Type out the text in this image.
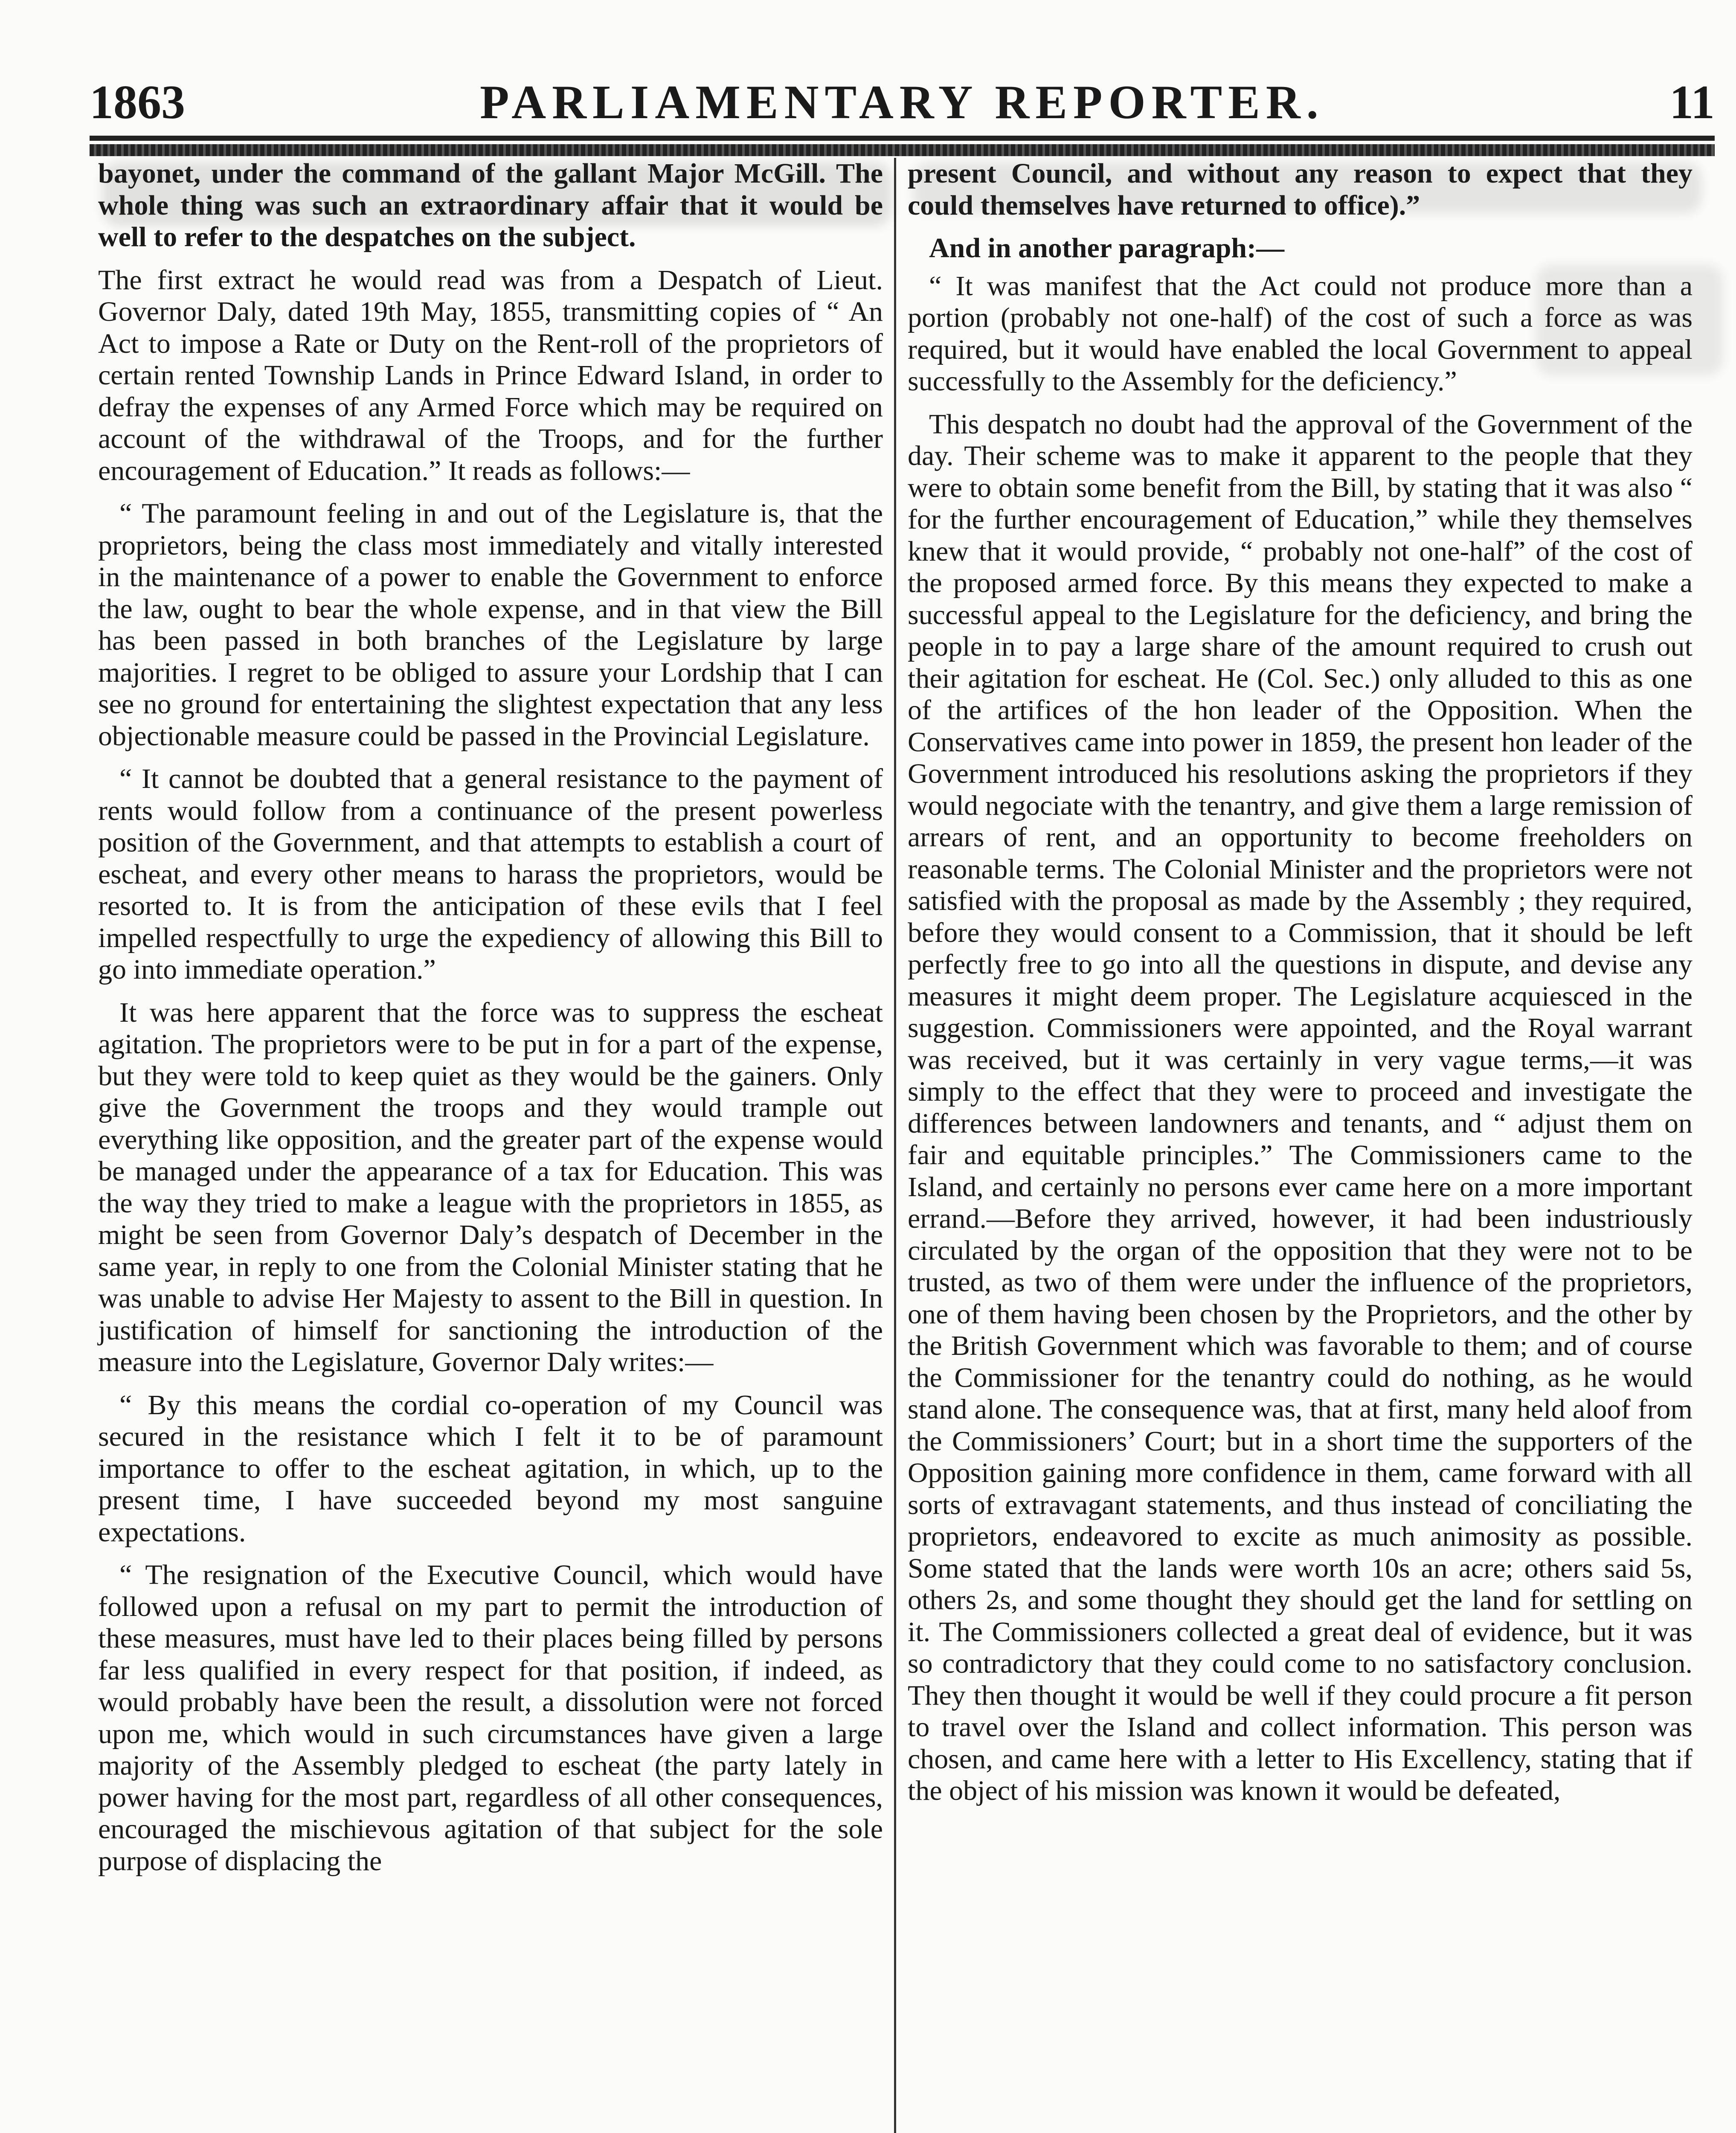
1863	PARLIAMENTARY REPORTER.	11

bayonet, under the command of the gallant Major McGill. The whole thing was such an extraordinary affair that it would be well to refer to the despatches on the subject.

The first extract he would read was from a Despatch of Lieut. Governor Daly, dated 19th May, 1855, transmitting copies of “ An Act to impose a Rate or Duty on the Rent-roll of the proprietors of certain rented Township Lands in Prince Edward Island, in order to defray the expenses of any Armed Force which may be required on account of the withdrawal of the Troops, and for the further encouragement of Education.” It reads as follows:—

“ The paramount feeling in and out of the Legislature is, that the proprietors, being the class most immediately and vitally interested in the maintenance of a power to enable the Government to enforce the law, ought to bear the whole expense, and in that view the Bill has been passed in both branches of the Legislature by large majorities. I regret to be obliged to assure your Lordship that I can see no ground for entertaining the slightest expectation that any less objectionable measure could be passed in the Provincial Legislature.

“ It cannot be doubted that a general resistance to the payment of rents would follow from a continuance of the present powerless position of the Government, and that attempts to establish a court of escheat, and every other means to harass the proprietors, would be resorted to. It is from the anticipation of these evils that I feel impelled respectfully to urge the expediency of allowing this Bill to go into immediate operation.”

It was here apparent that the force was to suppress the escheat agitation. The proprietors were to be put in for a part of the expense, but they were told to keep quiet as they would be the gainers. Only give the Government the troops and they would trample out everything like opposition, and the greater part of the expense would be managed under the appearance of a tax for Education. This was the way they tried to make a league with the proprietors in 1855, as might be seen from Governor Daly’s despatch of December in the same year, in reply to one from the Colonial Minister stating that he was unable to advise Her Majesty to assent to the Bill in question. In justification of himself for sanctioning the introduction of the measure into the Legislature, Governor Daly writes:—

“ By this means the cordial co-operation of my Council was secured in the resistance which I felt it to be of paramount importance to offer to the escheat agitation, in which, up to the present time, I have succeeded beyond my most sanguine expectations.

“ The resignation of the Executive Council, which would have followed upon a refusal on my part to permit the introduction of these measures, must have led to their places being filled by persons far less qualified in every respect for that position, if indeed, as would probably have been the result, a dissolution were not forced upon me, which would in such circumstances have given a large majority of the Assembly pledged to escheat (the party lately in power having for the most part, regardless of all other consequences, encouraged the mischievous agitation of that subject for the sole purpose of displacing the

present Council, and without any reason to expect that they could themselves have returned to office).”

And in another paragraph:—

“ It was manifest that the Act could not produce more than a portion (probably not one-half) of the cost of such a force as was required, but it would have enabled the local Government to appeal successfully to the Assembly for the deficiency.”

This despatch no doubt had the approval of the Government of the day. Their scheme was to make it apparent to the people that they were to obtain some benefit from the Bill, by stating that it was also “ for the further encouragement of Education,” while they themselves knew that it would provide, “ probably not one-half” of the cost of the proposed armed force. By this means they expected to make a successful appeal to the Legislature for the deficiency, and bring the people in to pay a large share of the amount required to crush out their agitation for escheat. He (Col. Sec.) only alluded to this as one of the artifices of the hon leader of the Opposition. When the Conservatives came into power in 1859, the present hon leader of the Government introduced his resolutions asking the proprietors if they would negociate with the tenantry, and give them a large remission of arrears of rent, and an opportunity to become freeholders on reasonable terms. The Colonial Minister and the proprietors were not satisfied with the proposal as made by the Assembly ; they required, before they would consent to a Commission, that it should be left perfectly free to go into all the questions in dispute, and devise any measures it might deem proper. The Legislature acquiesced in the suggestion. Commissioners were appointed, and the Royal warrant was received, but it was certainly in very vague terms,—it was simply to the effect that they were to proceed and investigate the differences between landowners and tenants, and “ adjust them on fair and equitable principles.” The Commissioners came to the Island, and certainly no persons ever came here on a more important errand.—Before they arrived, however, it had been industriously circulated by the organ of the opposition that they were not to be trusted, as two of them were under the influence of the proprietors, one of them having been chosen by the Proprietors, and the other by the British Government which was favorable to them; and of course the Commissioner for the tenantry could do nothing, as he would stand alone. The consequence was, that at first, many held aloof from the Commissioners’ Court; but in a short time the supporters of the Opposition gaining more confidence in them, came forward with all sorts of extravagant statements, and thus instead of conciliating the proprietors, endeavored to excite as much animosity as possible. Some stated that the lands were worth 10s an acre; others said 5s, others 2s, and some thought they should get the land for settling on it. The Commissioners collected a great deal of evidence, but it was so contradictory that they could come to no satisfactory conclusion. They then thought it would be well if they could procure a fit person to travel over the Island and collect information. This person was chosen, and came here with a letter to His Excellency, stating that if the object of his mission was known it would be defeated,
